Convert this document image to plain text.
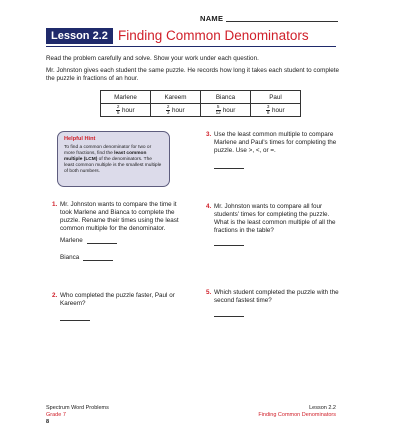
NAME
Lesson 2.2 Finding Common Denominators
Read the problem carefully and solve. Show your work under each question.
Mr. Johnston gives each student the same puzzle. He records how long it takes each student to complete the puzzle in fractions of an hour.
Marlene	Kareem	Bianca	Paul

$\frac{2}{5}$ hour	$\frac{2}{3}$ hour	$\frac{5}{12}$ hour	$\frac{3}{8}$ hour
Helpful Hint
To find a common denominator for two or more fractions, find the least common multiple (LCM) of the denominators. The least common multiple is the smallest multiple of both numbers.
1. Mr. Johnston wants to compare the time it took Marlene and Bianca to complete the puzzle. Rename their times using the least common multiple for the denominator.
Marlene
Bianca
2. Who completed the puzzle faster, Paul or Kareem?
3. Use the least common multiple to compare Marlene and Paul's times for completing the puzzle. Use >, <, or =.
4. Mr. Johnston wants to compare all four students' times for completing the puzzle. What is the least common multiple of all the fractions in the table?
5. Which student completed the puzzle with the second fastest time?
Spectrum Word Problems
Grade 7
8
Lesson 2.2
Finding Common Denominators
